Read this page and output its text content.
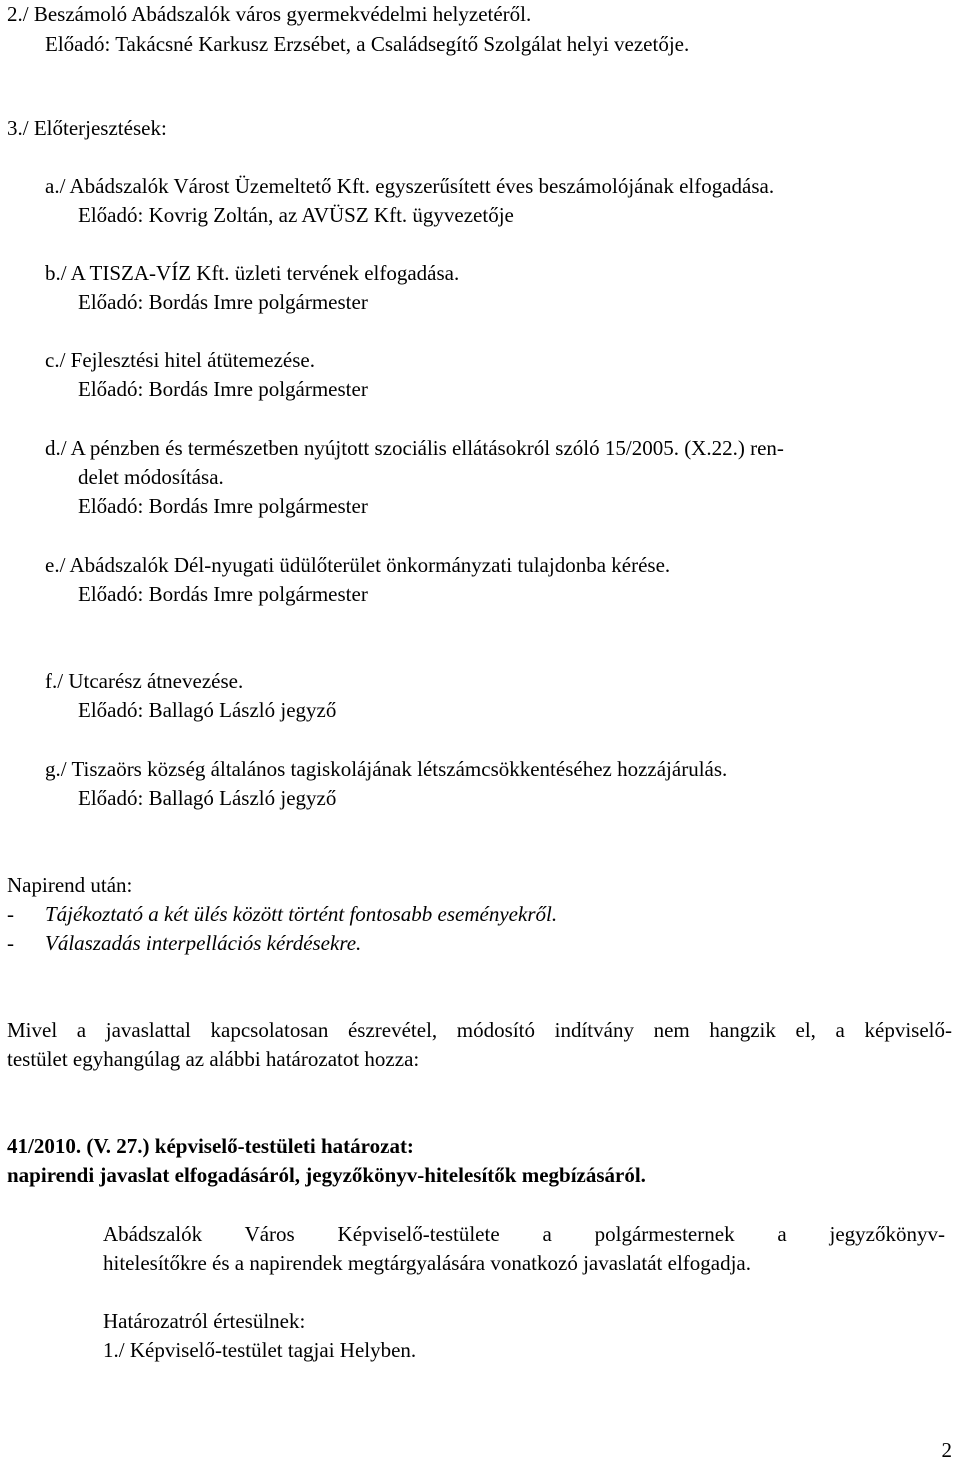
2./ Beszámoló Abádszalók város gyermekvédelmi helyzetéről.
Előadó: Takácsné Karkusz Erzsébet, a Családsegítő Szolgálat helyi vezetője.
3./ Előterjesztések:
a./ Abádszalók Várost Üzemeltető Kft. egyszerűsített éves beszámolójának elfogadása.
Előadó: Kovrig Zoltán, az AVÜSZ Kft. ügyvezetője
b./ A TISZA-VÍZ Kft. üzleti tervének elfogadása.
Előadó: Bordás Imre polgármester
c./ Fejlesztési hitel átütemezése.
Előadó: Bordás Imre polgármester
d./ A pénzben és természetben nyújtott szociális ellátásokról szóló 15/2005. (X.22.) ren-
delet módosítása.
Előadó: Bordás Imre polgármester
e./ Abádszalók Dél-nyugati üdülőterület önkormányzati tulajdonba kérése.
Előadó: Bordás Imre polgármester
f./ Utcarész átnevezése.
Előadó: Ballagó László jegyző
g./ Tiszaörs község általános tagiskolájának létszámcsökkentéséhez hozzájárulás.
Előadó: Ballagó László jegyző
Napirend után:
- Tájékoztató a két ülés között történt fontosabb eseményekről.
- Válaszadás interpellációs kérdésekre.
Mivel a javaslattal kapcsolatosan észrevétel, módosító indítvány nem hangzik el, a képviselő-
testület egyhangúlag az alábbi határozatot hozza:
41/2010. (V. 27.) képviselő-testületi határozat:
napirendi javaslat elfogadásáról, jegyzőkönyv-hitelesítők megbízásáról.
Abádszalók Város Képviselő-testülete a polgármesternek a jegyzőkönyv-
hitelesítőkre és a napirendek megtárgyalására vonatkozó javaslatát elfogadja.
Határozatról értesülnek:
1./ Képviselő-testület tagjai Helyben.
2
